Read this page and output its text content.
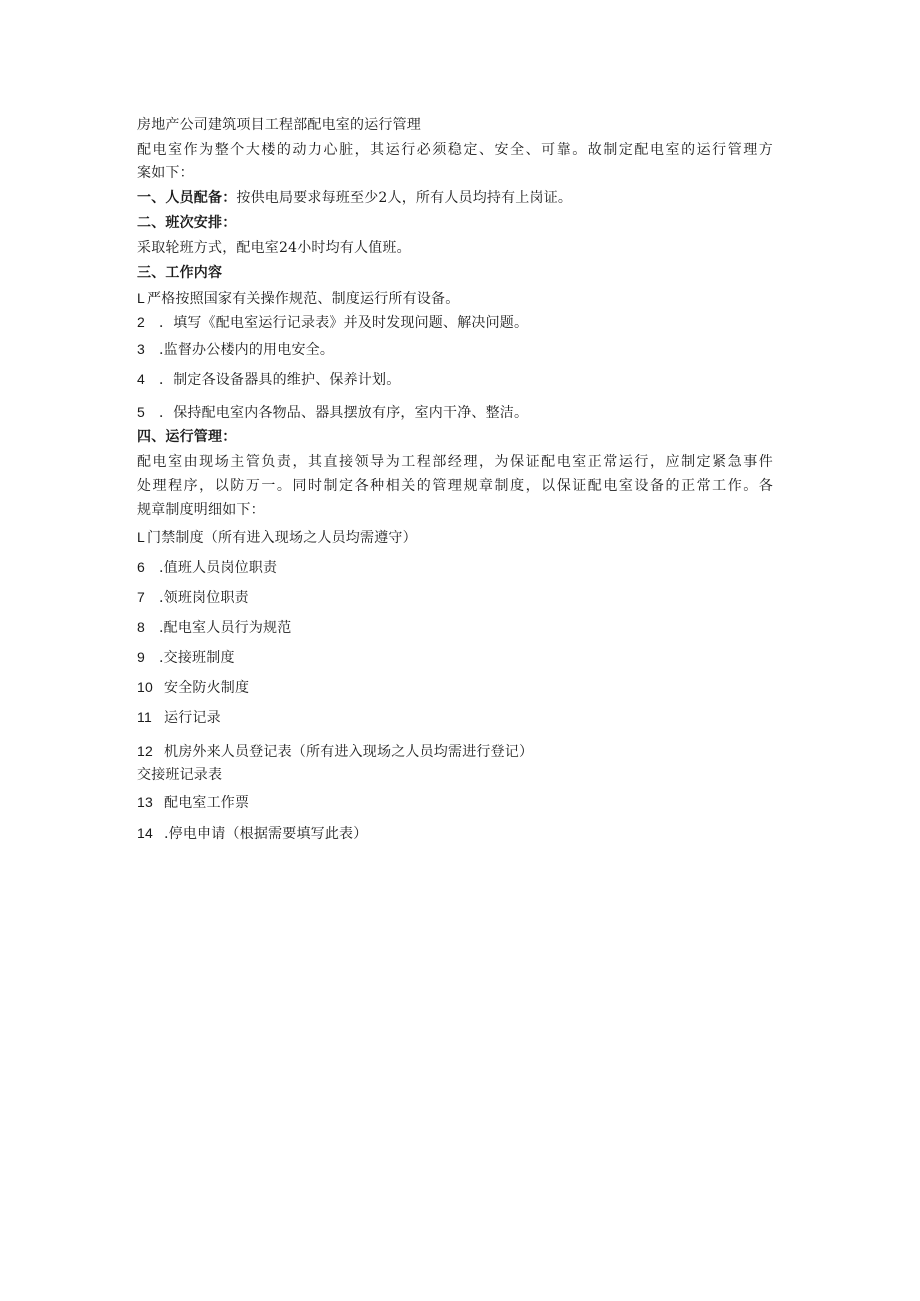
房地产公司建筑项目工程部配电室的运行管理
配电室作为整个大楼的动力心脏，其运行必须稳定、安全、可靠。故制定配电室的运行管理方
案如下：
一、人员配备：按供电局要求每班至少2人，所有人员均持有上岗证。
二、班次安排：
采取轮班方式，配电室24小时均有人值班。
三、工作内容
L 严格按照国家有关操作规范、制度运行所有设备。
2 ．填写《配电室运行记录表》并及时发现问题、解决问题。
3 .监督办公楼内的用电安全。
4 ．制定各设备器具的维护、保养计划。
5 ．保持配电室内各物品、器具摆放有序，室内干净、整洁。
四、运行管理：
配电室由现场主管负责，其直接领导为工程部经理，为保证配电室正常运行，应制定紧急事件
处理程序，以防万一。同时制定各种相关的管理规章制度，以保证配电室设备的正常工作。各
规章制度明细如下：
L 门禁制度（所有进入现场之人员均需遵守）
6 .值班人员岗位职责
7 .领班岗位职责
8 .配电室人员行为规范
9 .交接班制度
10 安全防火制度
11 运行记录
12 机房外来人员登记表（所有进入现场之人员均需进行登记）
交接班记录表
13 配电室工作票
14 .停电申请（根据需要填写此表）
